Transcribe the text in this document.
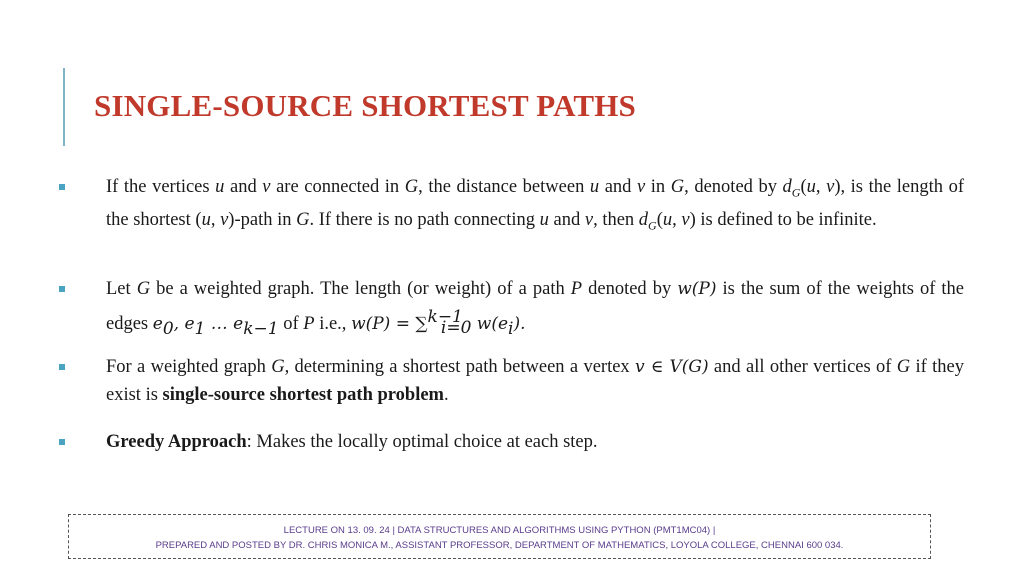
SINGLE-SOURCE SHORTEST PATHS
If the vertices u and v are connected in G, the distance between u and v in G, denoted by $d_G(u$, v), is the length of the shortest (u, v)-path in G. If there is no path connecting u and v, then $d_G(u$, v) is defined to be infinite.
Let G be a weighted graph. The length (or weight) of a path P denoted by w(P) is the sum of the weights of the edges $e_0$, $e_1$ … $e_{k-1}$ of P i.e., w(P) = ∑$^{k-1}_{i=0}$ $w(e_i)$.
For a weighted graph G, determining a shortest path between a vertex v ∈ V(G) and all other vertices of G if they exist is single-source shortest path problem.
Greedy Approach: Makes the locally optimal choice at each step.
LECTURE ON 13. 09. 24 | DATA STRUCTURES AND ALGORITHMS USING PYTHON (PMT1MC04) |
PREPARED AND POSTED BY DR. CHRIS MONICA M., ASSISTANT PROFESSOR, DEPARTMENT OF MATHEMATICS, LOYOLA COLLEGE, CHENNAI 600 034.
